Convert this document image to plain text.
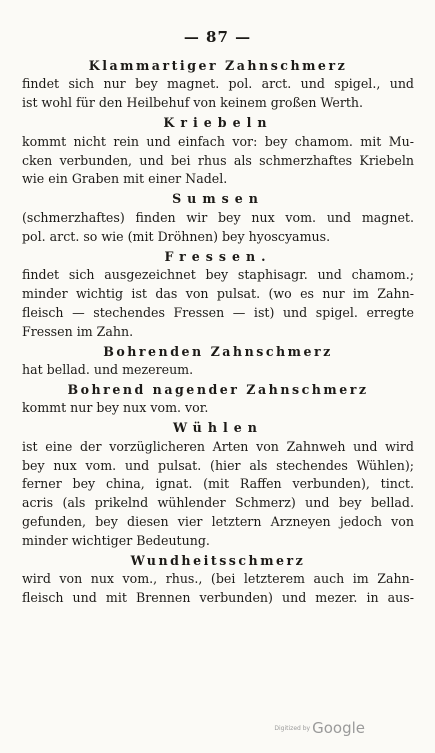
— 87 —
Klammartiger Zahnschmerz
findet sich nur bey magnet. pol. arct. und spigel., und
ist wohl für den Heilbehuf von keinem großen Werth.
Kriebeln
kommt nicht rein und einfach vor: bey chamom. mit Mu-
cken verbunden, und bei rhus als schmerzhaftes Kriebeln
wie ein Graben mit einer Nadel.
Sumsen
(schmerzhaftes) finden wir bey nux vom. und magnet.
pol. arct. so wie (mit Dröhnen) bey hyoscyamus.
Fressen.
findet sich ausgezeichnet bey staphisagr. und chamom.;
minder wichtig ist das von pulsat. (wo es nur im Zahn-
fleisch — stechendes Fressen — ist) und spigel. erregte
Fressen im Zahn.
Bohrenden Zahnschmerz
hat bellad. und mezereum.
Bohrend nagender Zahnschmerz
kommt nur bey nux vom. vor.
Wühlen
ist eine der vorzüglicheren Arten von Zahnweh und wird
bey nux vom. und pulsat. (hier als stechendes Wühlen);
ferner bey china, ignat. (mit Raffen verbunden), tinct.
acris (als prikelnd wühlender Schmerz) und bey bellad.
gefunden, bey diesen vier letztern Arzneyen jedoch von
minder wichtiger Bedeutung.
Wundheitsschmerz
wird von nux vom., rhus., (bei letzterem auch im Zahn-
fleisch und mit Brennen verbunden) und mezer. in aus-
Digitized by Google
